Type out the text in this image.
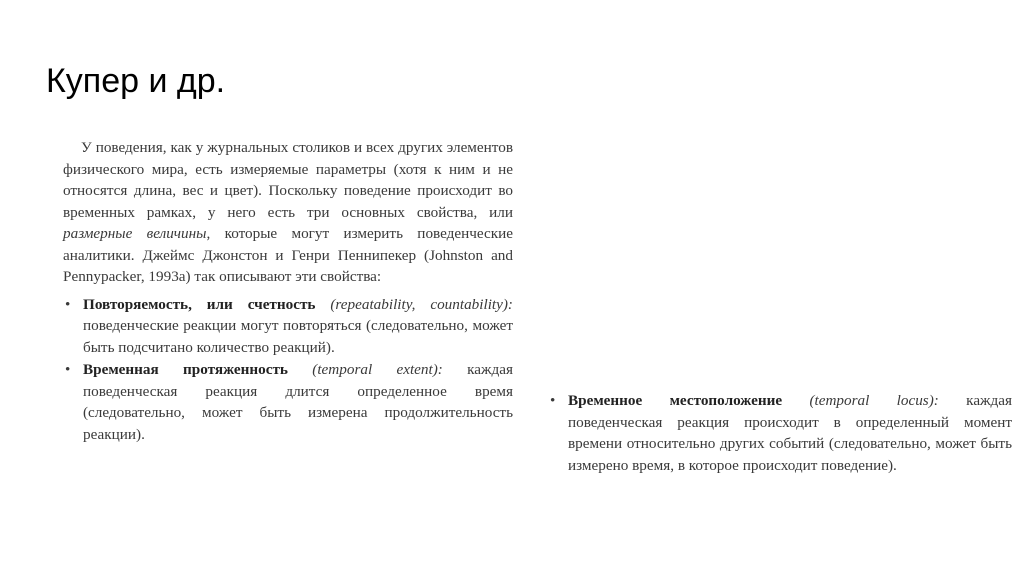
Купер и др.

У поведения, как у журнальных столиков и всех других элементов физического мира, есть измеряемые параметры (хотя к ним и не относятся длина, вес и цвет). Поскольку поведение происходит во временных рамках, у него есть три основных свойства, или размерные величины, которые могут измерить поведенческие аналитики. Джеймс Джонстон и Генри Пеннипекер (Johnston and Pennypacker, 1993a) так описывают эти свойства:

• Повторяемость, или счетность (repeatability, countability): поведенческие реакции могут повторяться (следовательно, может быть подсчитано количество реакций).

• Временная протяженность (temporal extent): каждая поведенческая реакция длится определенное время (следовательно, может быть измерена продолжительность реакции).

• Временное местоположение (temporal locus): каждая поведенческая реакция происходит в определенный момент времени относительно других событий (следовательно, может быть измерено время, в которое происходит поведение).
